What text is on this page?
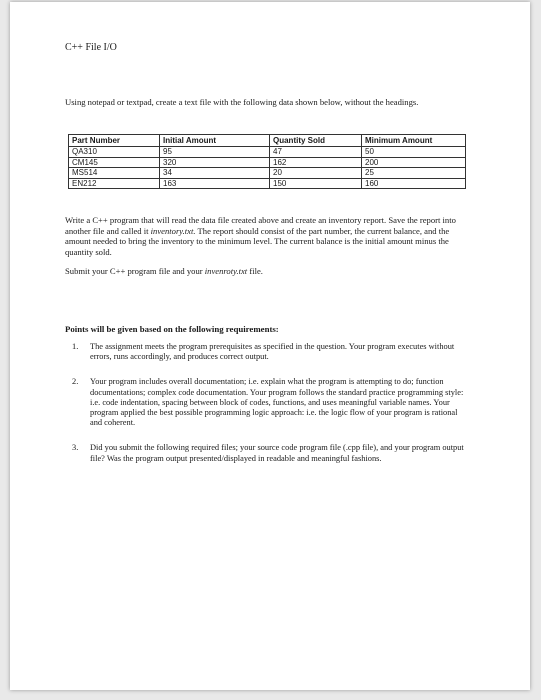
C++ File I/O
Using notepad or textpad, create a text file with the following data shown below, without the headings.
Part Number	Initial Amount	Quantity Sold	Minimum Amount
QA310	95	47	50
CM145	320	162	200
MS514	34	20	25
EN212	163	150	160
Write a C++ program that will read the data file created above and create an inventory report. Save the report into another file and called it inventory.txt. The report should consist of the part number, the current balance, and the amount needed to bring the inventory to the minimum level. The current balance is the initial amount minus the quantity sold.
Submit your C++ program file and your invenroty.txt file.
Points will be given based on the following requirements:
1. The assignment meets the program prerequisites as specified in the question. Your program executes without errors, runs accordingly, and produces correct output.
2. Your program includes overall documentation; i.e. explain what the program is attempting to do; function documentations; complex code documentation. Your program follows the standard practice programming style: i.e. code indentation, spacing between block of codes, functions, and uses meaningful variable names. Your program applied the best possible programming logic approach: i.e. the logic flow of your program is rational and coherent.
3. Did you submit the following required files; your source code program file (.cpp file), and your program output file? Was the program output presented/displayed in readable and meaningful fashions.
